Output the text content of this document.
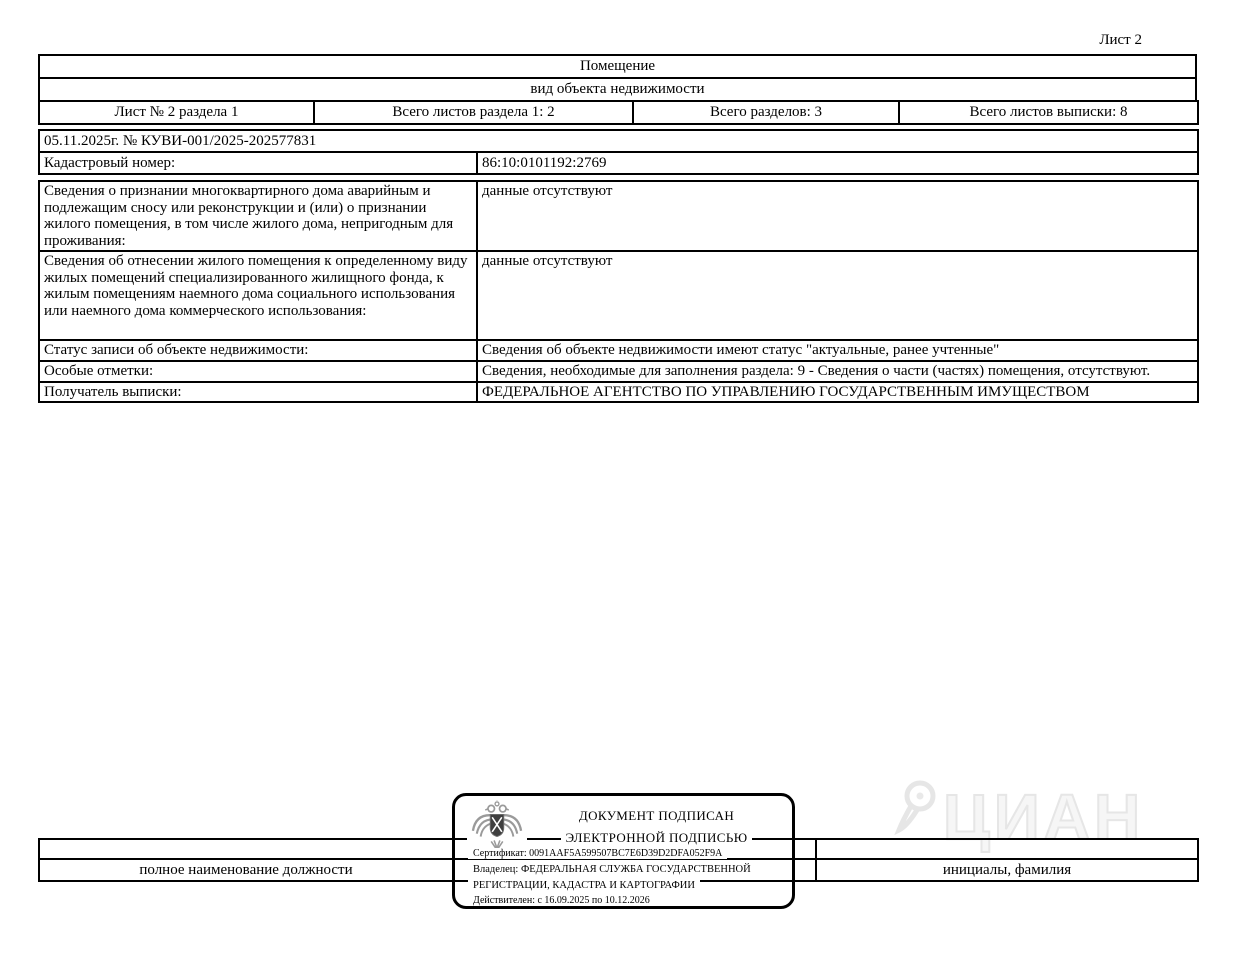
ЦИАН
Лист 2
Помещение
вид объекта недвижимости
Лист № 2 раздела 1	Всего листов раздела 1: 2	Всего разделов: 3	Всего листов выписки: 8
05.11.2025г. № КУВИ-001/2025-202577831
Кадастровый номер:	86:10:0101192:2769
Сведения о признании многоквартирного дома аварийным и подлежащим сносу или реконструкции и (или) о признании жилого помещения, в том числе жилого дома, непригодным для проживания:	данные отсутствуют
Сведения об отнесении жилого помещения к определенному виду жилых помещений специализированного жилищного фонда, к жилым помещениям наемного дома социального использования или наемного дома коммерческого использования:	данные отсутствуют
Статус записи об объекте недвижимости:	Сведения об объекте недвижимости имеют статус "актуальные, ранее учтенные"
Особые отметки:	Сведения, необходимые для заполнения раздела: 9 - Сведения о части (частях) помещения, отсутствуют.
Получатель выписки:	ФЕДЕРАЛЬНОЕ АГЕНТСТВО ПО УПРАВЛЕНИЮ ГОСУДАРСТВЕННЫМ ИМУЩЕСТВОМ

полное наименование должности		инициалы, фамилия
ДОКУМЕНТ ПОДПИСАН
ЭЛЕКТРОННОЙ ПОДПИСЬЮ
Сертификат: 0091AAF5A599507BC7E6D39D2DFA052F9A
Владелец: ФЕДЕРАЛЬНАЯ СЛУЖБА ГОСУДАРСТВЕННОЙ
РЕГИСТРАЦИИ, КАДАСТРА И КАРТОГРАФИИ
Действителен: с 16.09.2025 по 10.12.2026
